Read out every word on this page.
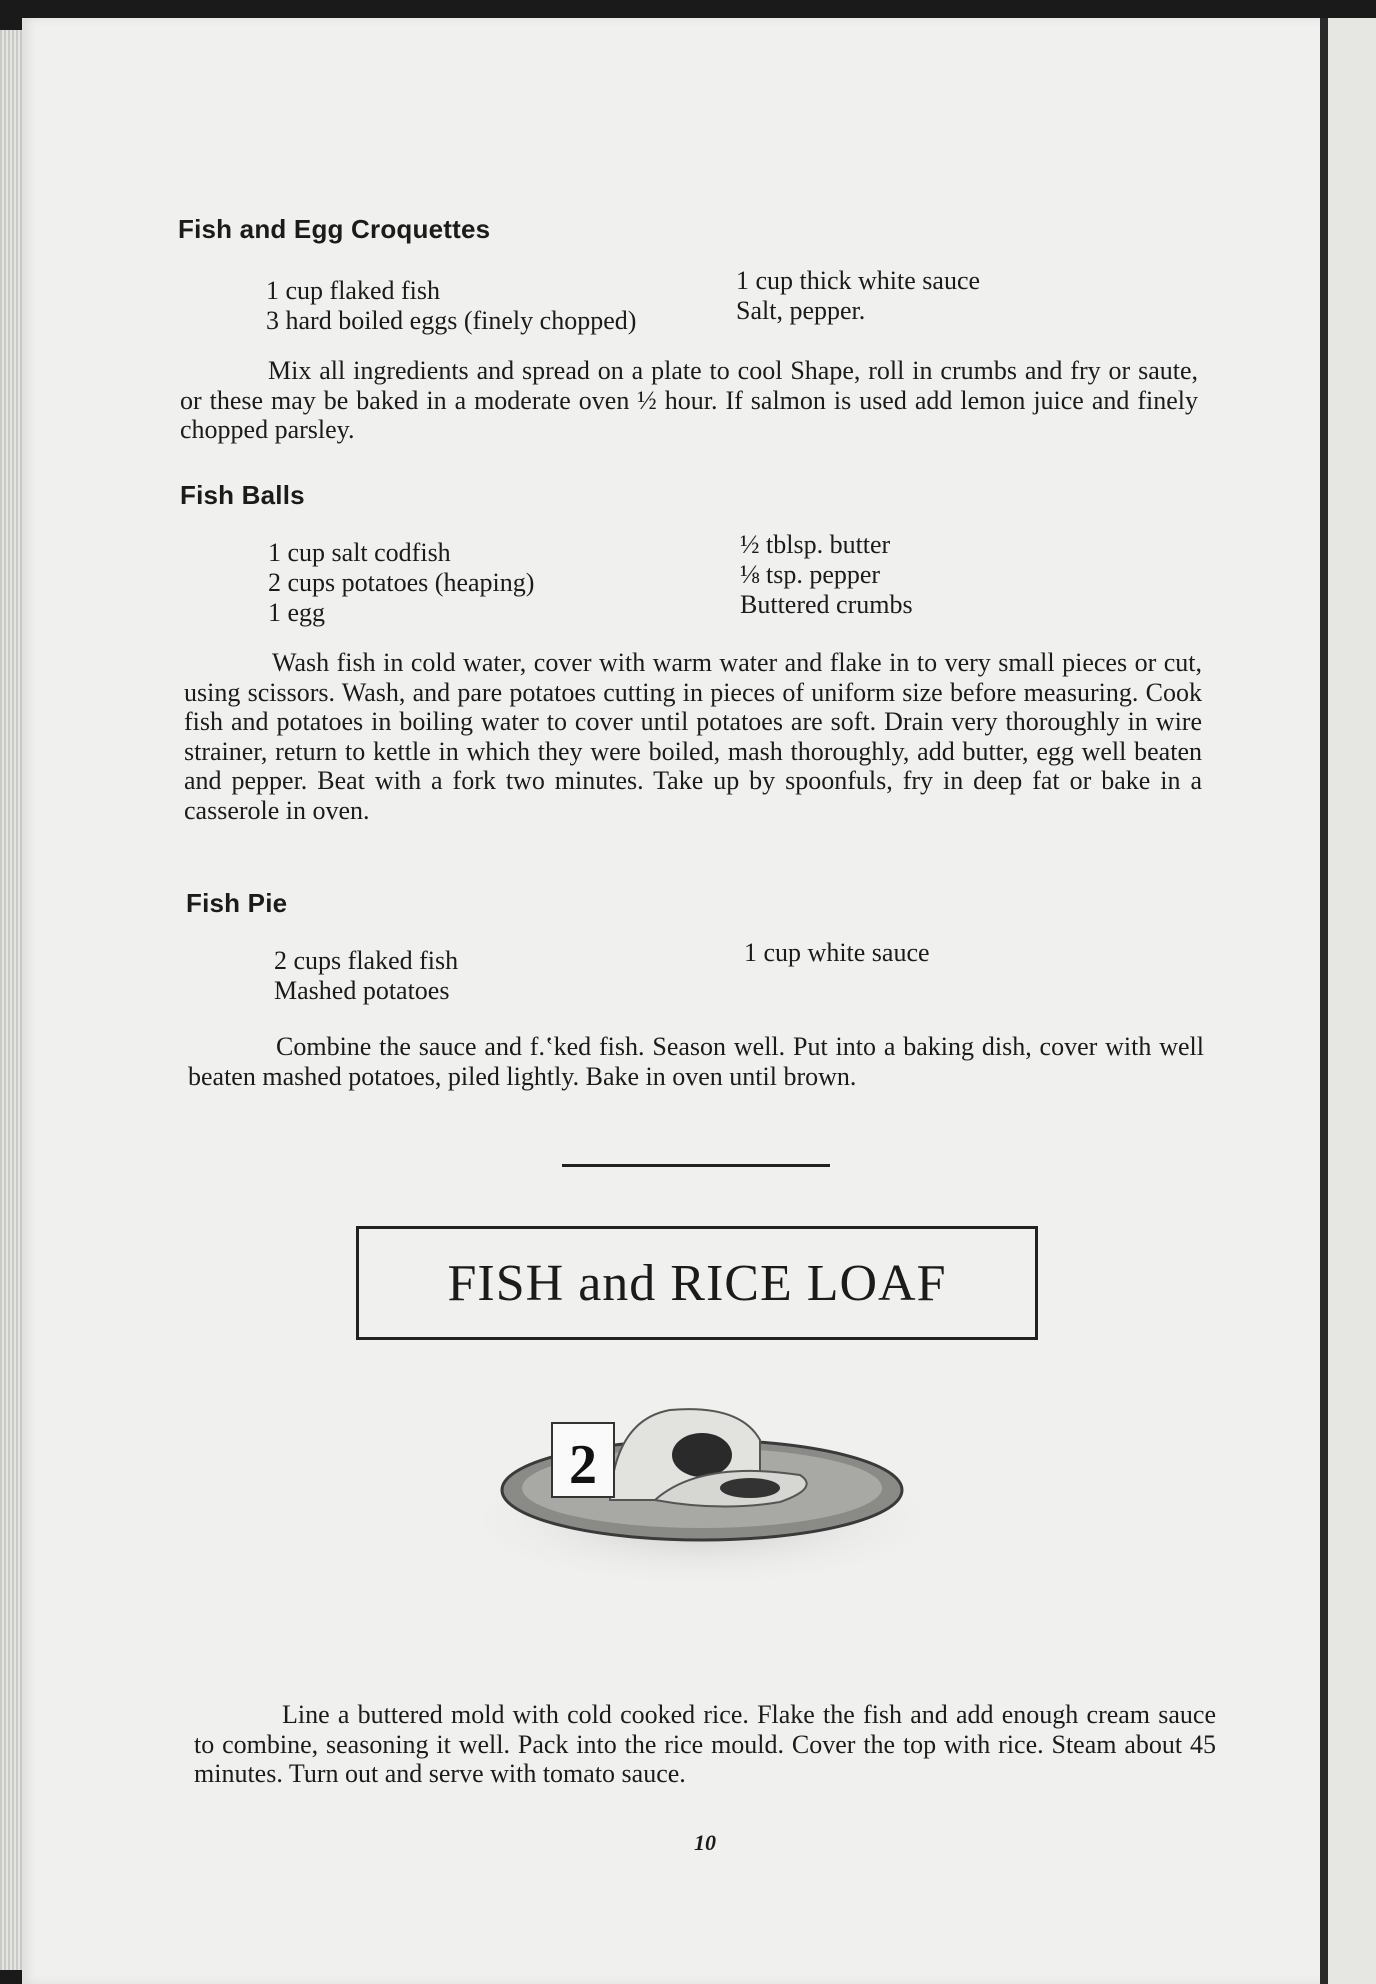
Fish and Egg Croquettes
1 cup flaked fish
3 hard boiled eggs (finely chopped)
1 cup thick white sauce
Salt, pepper.
Mix all ingredients and spread on a plate to cool Shape, roll in crumbs and fry or saute, or these may be baked in a moderate oven ½ hour. If salmon is used add lemon juice and finely chopped parsley.
Fish Balls
1 cup salt codfish
2 cups potatoes (heaping)
1 egg
½ tblsp. butter
⅛ tsp. pepper
Buttered crumbs
Wash fish in cold water, cover with warm water and flake in to very small pieces or cut, using scissors. Wash, and pare potatoes cutting in pieces of uniform size before measuring. Cook fish and potatoes in boiling water to cover until potatoes are soft. Drain very thoroughly in wire strainer, return to kettle in which they were boiled, mash thoroughly, add butter, egg well beaten and pepper. Beat with a fork two minutes. Take up by spoonfuls, fry in deep fat or bake in a casserole in oven.
Fish Pie
2 cups flaked fish
Mashed potatoes
1 cup white sauce
Combine the sauce and f.‛ked fish. Season well. Put into a baking dish, cover with well beaten mashed potatoes, piled lightly. Bake in oven until brown.
FISH and RICE LOAF
2
Line a buttered mold with cold cooked rice. Flake the fish and add enough cream sauce to combine, seasoning it well. Pack into the rice mould. Cover the top with rice. Steam about 45 minutes. Turn out and serve with tomato sauce.
10
